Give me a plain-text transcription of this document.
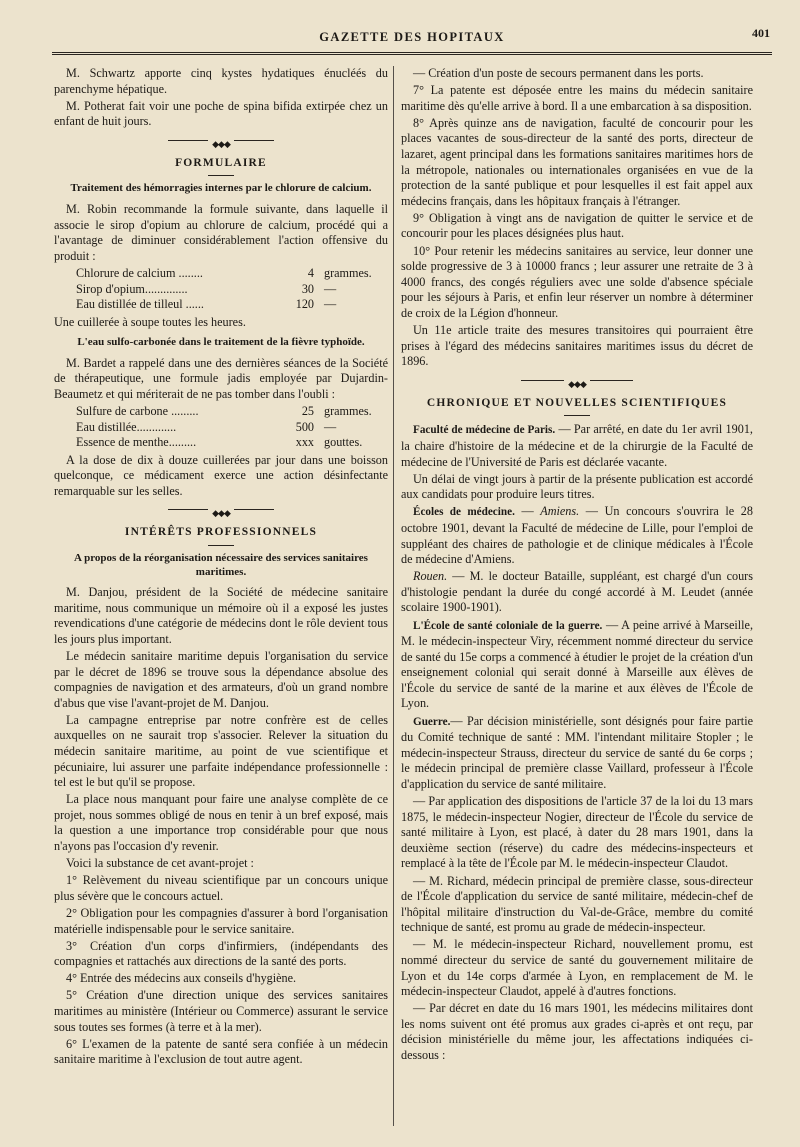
GAZETTE DES HOPITAUX	401

M. Schwartz apporte cinq kystes hydatiques énucléés du parenchyme hépatique.

M. Potherat fait voir une poche de spina bifida extirpée chez un enfant de huit jours.

◆◆◆
FORMULAIRE
Traitement des hémorragies internes par le chlorure de calcium.

M. Robin recommande la formule suivante, dans laquelle il associe le sirop d'opium au chlorure de calcium, procédé qui a l'avantage de diminuer considérablement l'action offensive du produit :

Chlorure de calcium ........	4 grammes.
Sirop d'opium..............	30 —
Eau distillée de tilleul ......	120 —

Une cuillerée à soupe toutes les heures.

L'eau sulfo-carbonée dans le traitement de la fièvre typhoïde.

M. Bardet a rappelé dans une des dernières séances de la Société de thérapeutique, une formule jadis employée par Dujardin-Beaumetz et qui mériterait de ne pas tomber dans l'oubli :

Sulfure de carbone .........	25 grammes.
Eau distillée.............	500 —
Essence de menthe.........	xxx gouttes.

A la dose de dix à douze cuillerées par jour dans une boisson quelconque, ce médicament exerce une action désinfectante remarquable sur les selles.

◆◆◆
INTÉRÊTS PROFESSIONNELS
A propos de la réorganisation nécessaire des services sanitaires maritimes.

M. Danjou, président de la Société de médecine sanitaire maritime, nous communique un mémoire où il a exposé les justes revendications d'une catégorie de médecins dont le rôle devient tous les jours plus important.

Le médecin sanitaire maritime depuis l'organisation du service par le décret de 1896 se trouve sous la dépendance absolue des compagnies de navigation et des armateurs, d'où un grand nombre d'abus que vise l'avant-projet de M. Danjou.

La campagne entreprise par notre confrère est de celles auxquelles on ne saurait trop s'associer. Relever la situation du médecin sanitaire maritime, au point de vue scientifique et pécuniaire, lui assurer une parfaite indépendance professionnelle : tel est le but qu'il se propose.

La place nous manquant pour faire une analyse complète de ce projet, nous sommes obligé de nous en tenir à un bref exposé, mais la question a une importance trop considérable pour que nous n'ayons pas l'occasion d'y revenir.

Voici la substance de cet avant-projet :

1° Relèvement du niveau scientifique par un concours unique plus sévère que le concours actuel.

2° Obligation pour les compagnies d'assurer à bord l'organisation matérielle indispensable pour le service sanitaire.

3° Création d'un corps d'infirmiers, (indépendants des compagnies et rattachés aux directions de la santé des ports.

4° Entrée des médecins aux conseils d'hygiène.

5° Création d'une direction unique des services sanitaires maritimes au ministère (Intérieur ou Commerce) assurant le service sous toutes ses formes (à terre et à la mer).

6° L'examen de la patente de santé sera confiée à un médecin sanitaire maritime à l'exclusion de tout autre agent.

— Création d'un poste de secours permanent dans les ports.

7° La patente est déposée entre les mains du médecin sanitaire maritime dès qu'elle arrive à bord. Il a une embarcation à sa disposition.

8° Après quinze ans de navigation, faculté de concourir pour les places vacantes de sous-directeur de la santé des ports, directeur de lazaret, agent principal dans les formations sanitaires maritimes hors de la métropole, nationales ou internationales organisées en vue de la protection de la santé publique et pour lesquelles il est fait appel aux médecins français, dans les hôpitaux français à l'étranger.

9° Obligation à vingt ans de navigation de quitter le service et de concourir pour les places désignées plus haut.

10° Pour retenir les médecins sanitaires au service, leur donner une solde progressive de 3 à 10000 francs ; leur assurer une retraite de 3 à 4000 francs, des congés réguliers avec une solde d'absence spéciale pour les séjours à Paris, et enfin leur réserver un nombre à déterminer de croix de la Légion d'honneur.

Un 11e article traite des mesures transitoires qui pourraient être prises à l'égard des médecins sanitaires maritimes issus du décret de 1896.

◆◆◆
CHRONIQUE ET NOUVELLES SCIENTIFIQUES

Faculté de médecine de Paris. — Par arrêté, en date du 1er avril 1901, la chaire d'histoire de la médecine et de la chirurgie de la Faculté de médecine de l'Université de Paris est déclarée vacante.

Un délai de vingt jours à partir de la présente publication est accordé aux candidats pour produire leurs titres.

Écoles de médecine. — Amiens. — Un concours s'ouvrira le 28 octobre 1901, devant la Faculté de médecine de Lille, pour l'emploi de suppléant des chaires de pathologie et de clinique médicales à l'École de médecine d'Amiens.

Rouen. — M. le docteur Bataille, suppléant, est chargé d'un cours d'histologie pendant la durée du congé accordé à M. Leudet (année scolaire 1900-1901).

L'École de santé coloniale de la guerre. — A peine arrivé à Marseille, M. le médecin-inspecteur Viry, récemment nommé directeur du service de santé du 15e corps a commencé à étudier le projet de la création d'un enseignement colonial qui serait donné à Marseille aux élèves de l'École du service de santé de la marine et aux élèves de l'École de Lyon.

Guerre.— Par décision ministérielle, sont désignés pour faire partie du Comité technique de santé : MM. l'intendant militaire Stopler ; le médecin-inspecteur Strauss, directeur du service de santé du 6e corps ; le médecin principal de première classe Vaillard, professeur à l'École d'application du service de santé militaire.

— Par application des dispositions de l'article 37 de la loi du 13 mars 1875, le médecin-inspecteur Nogier, directeur de l'École du service de santé militaire à Lyon, est placé, à dater du 28 mars 1901, dans la deuxième section (réserve) du cadre des médecins-inspecteurs et remplacé à la tête de l'École par M. le médecin-inspecteur Claudot.

— M. Richard, médecin principal de première classe, sous-directeur de l'École d'application du service de santé militaire, médecin-chef de l'hôpital militaire d'instruction du Val-de-Grâce, membre du comité technique de santé, est promu au grade de médecin-inspecteur.

— M. le médecin-inspecteur Richard, nouvellement promu, est nommé directeur du service de santé du gouvernement militaire de Lyon et du 14e corps d'armée à Lyon, en remplacement de M. le médecin-inspecteur Claudot, appelé à d'autres fonctions.

— Par décret en date du 16 mars 1901, les médecins militaires dont les noms suivent ont été promus aux grades ci-après et ont reçu, par décision ministérielle du même jour, les affectations indiquées ci-dessous :
